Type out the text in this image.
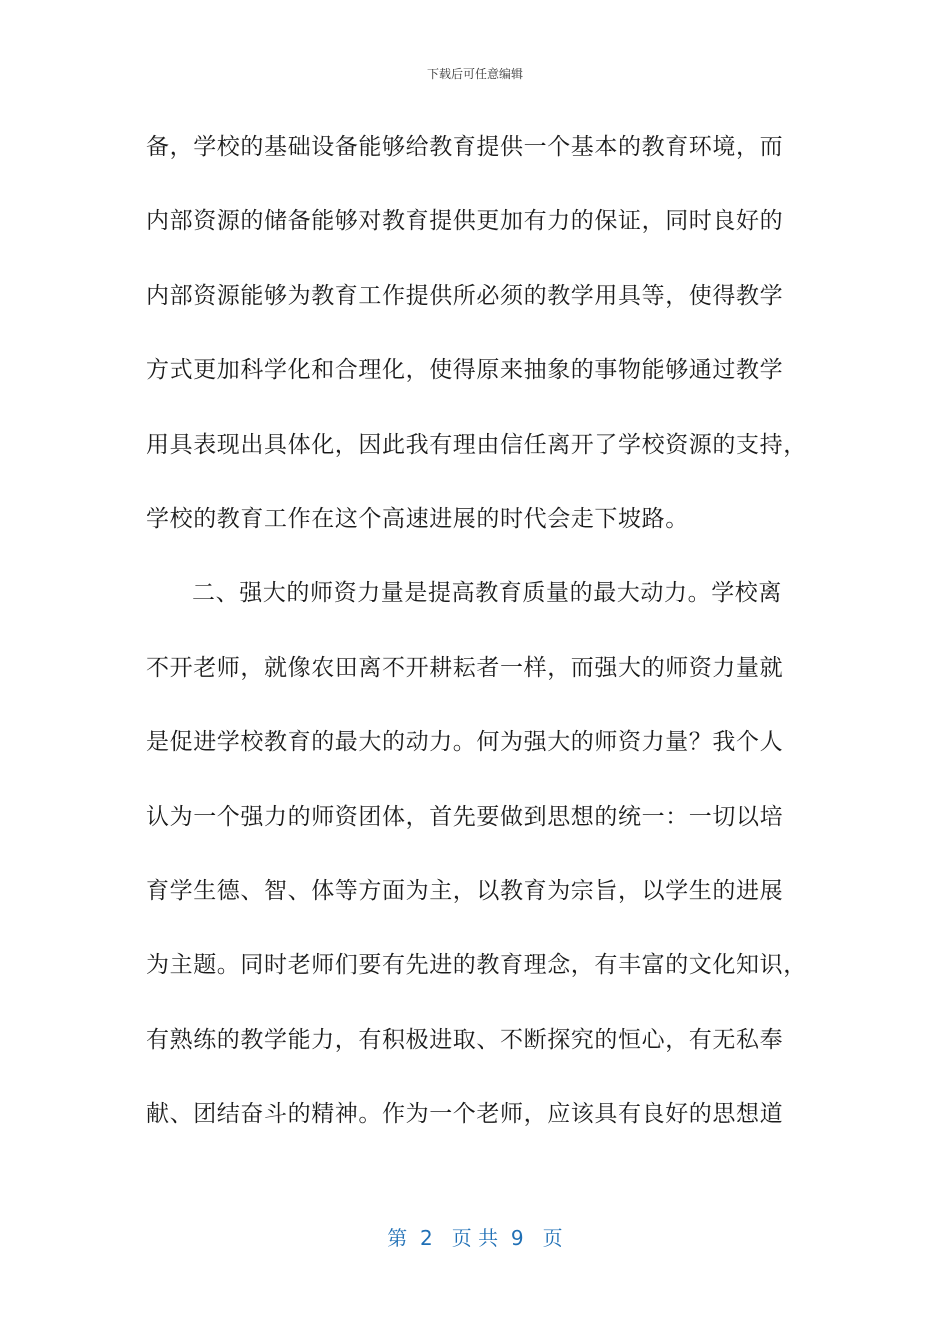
下载后可任意编辑
备，学校的基础设备能够给教育提供一个基本的教育环境，而
内部资源的储备能够对教育提供更加有力的保证，同时良好的
内部资源能够为教育工作提供所必须的教学用具等，使得教学
方式更加科学化和合理化，使得原来抽象的事物能够通过教学
用具表现出具体化，因此我有理由信任离开了学校资源的支持，
学校的教育工作在这个高速进展的时代会走下坡路。
二、强大的师资力量是提高教育质量的最大动力。学校离
不开老师，就像农田离不开耕耘者一样，而强大的师资力量就
是促进学校教育的最大的动力。何为强大的师资力量？我个人
认为一个强力的师资团体，首先要做到思想的统一：一切以培
育学生德、智、体等方面为主，以教育为宗旨，以学生的进展
为主题。同时老师们要有先进的教育理念，有丰富的文化知识，
有熟练的教学能力，有积极进取、不断探究的恒心，有无私奉
献、团结奋斗的精神。作为一个老师，应该具有良好的思想道
第  2   页 共  9   页
